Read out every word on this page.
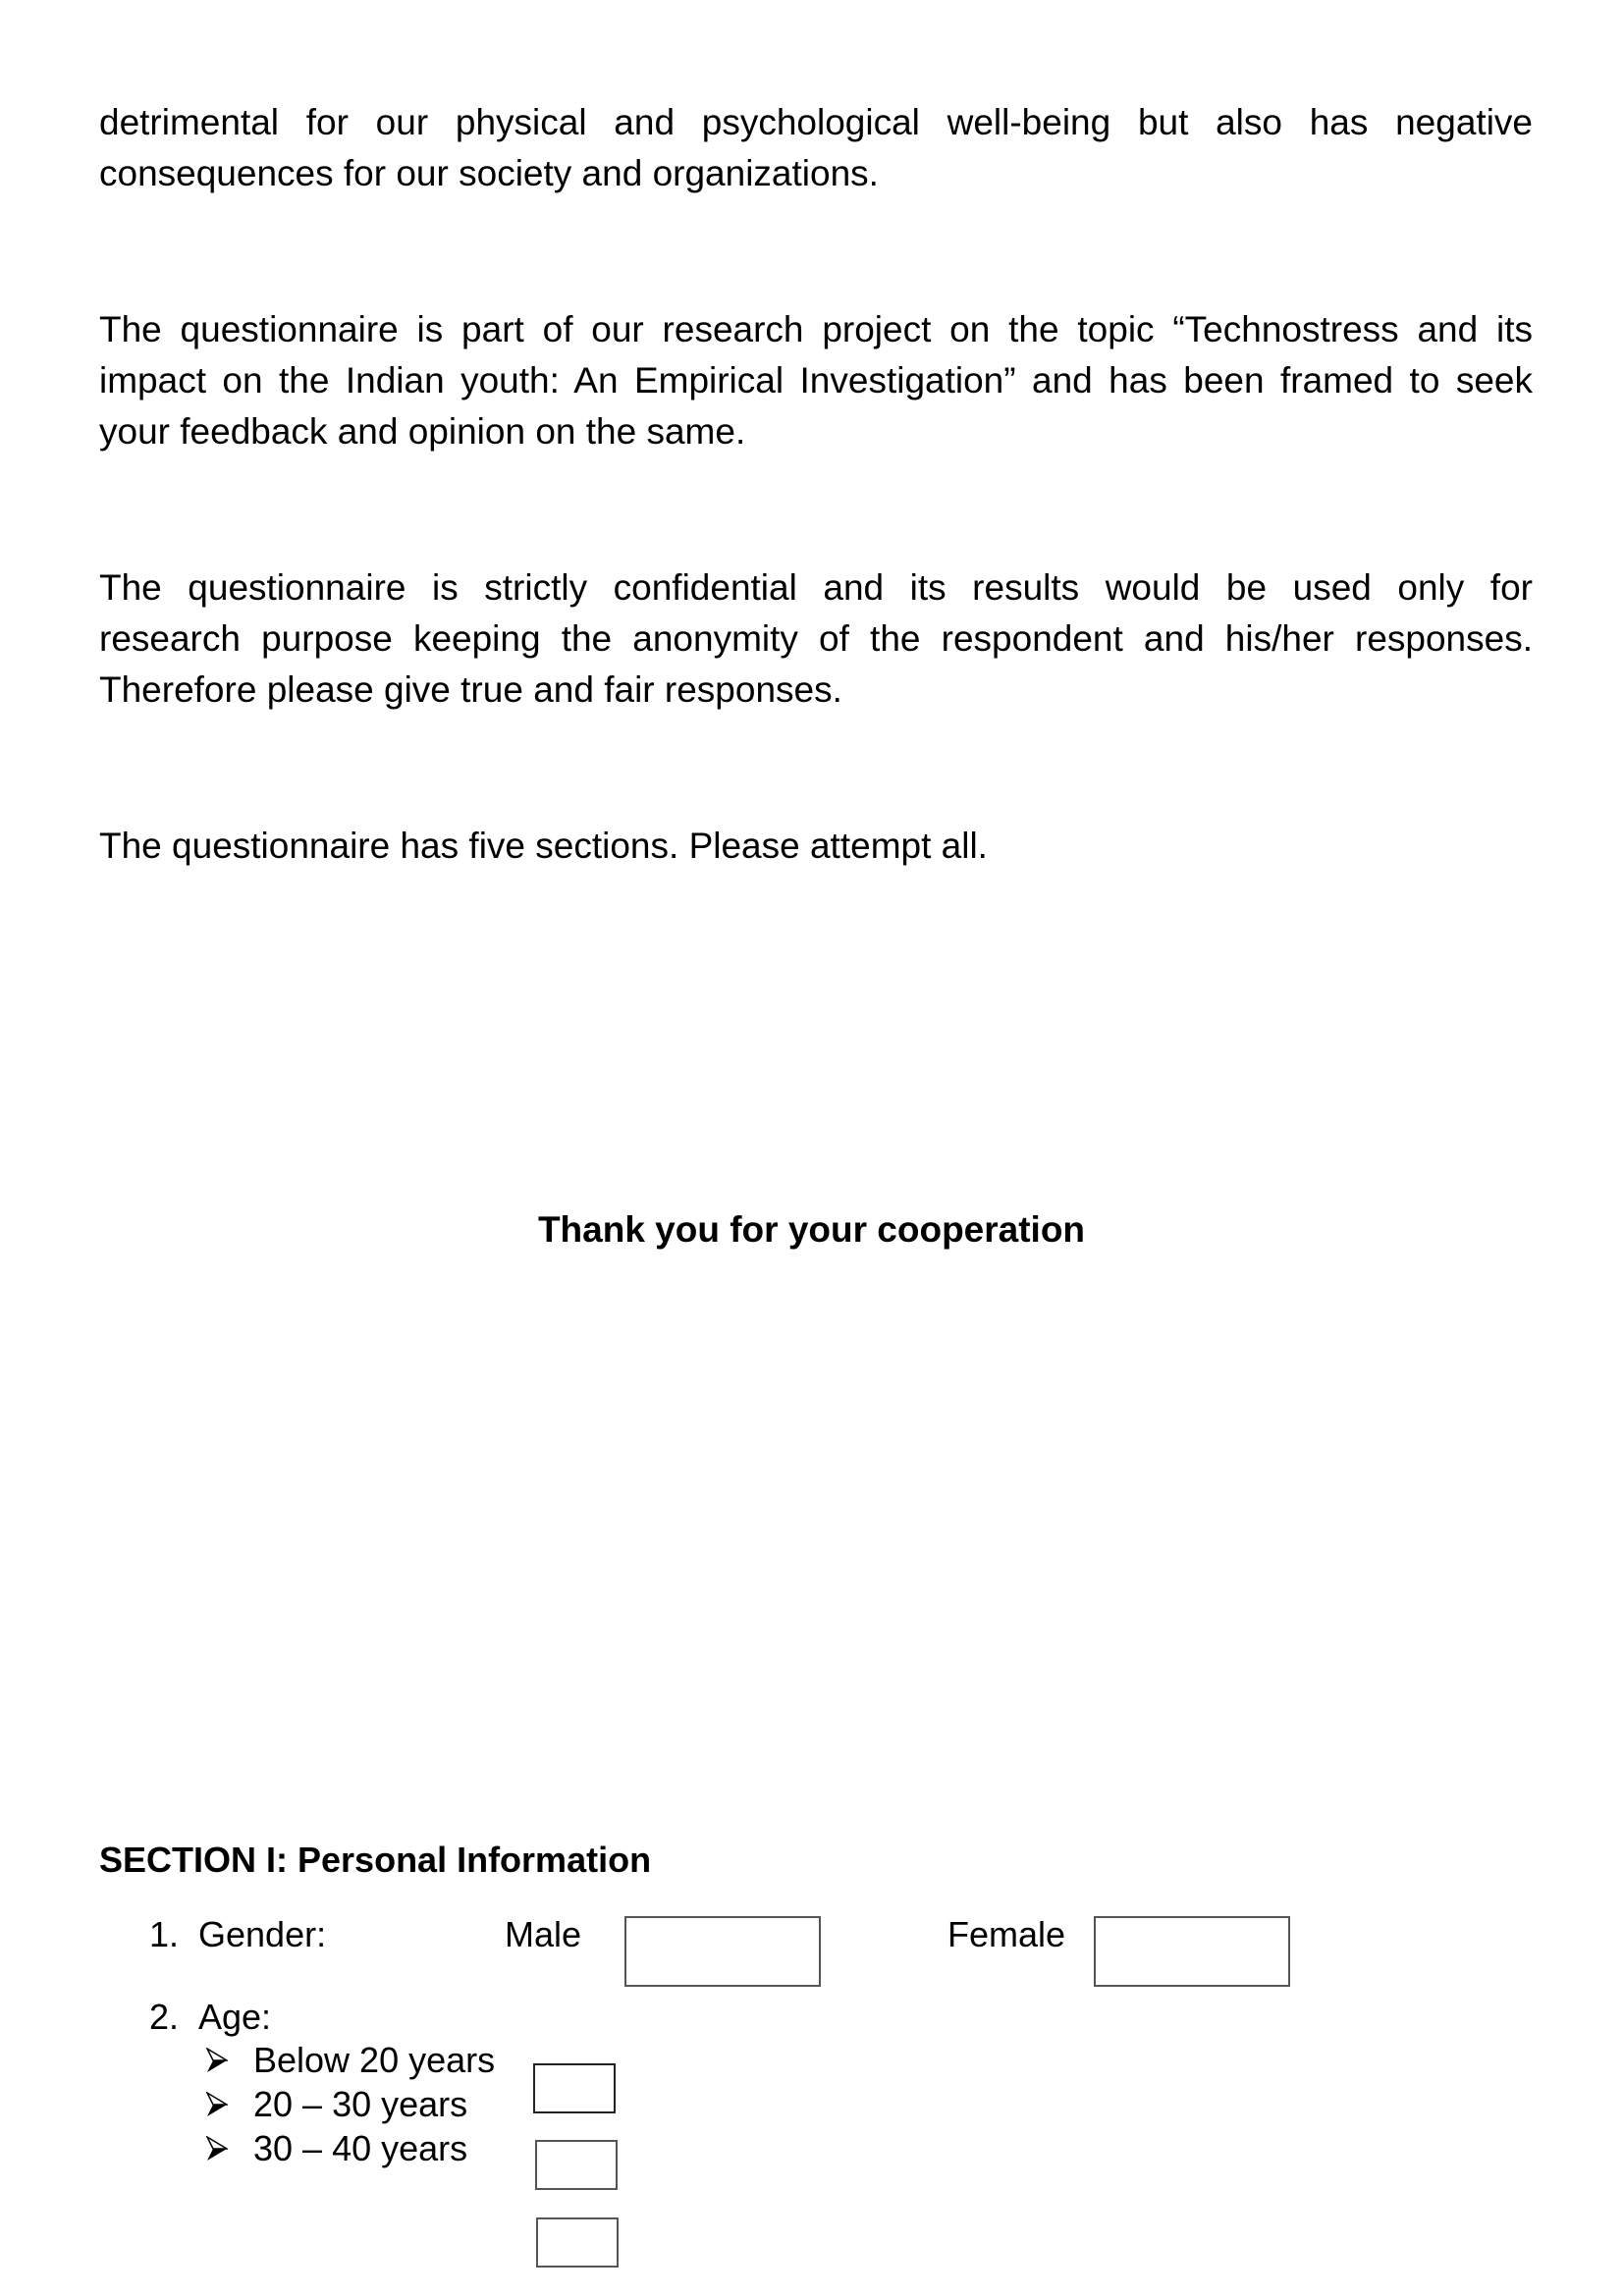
detrimental for our physical and psychological well-being but also has negative
consequences for our society and organizations.
The questionnaire is part of our research project on the topic “Technostress and its
impact on the Indian youth: An Empirical Investigation” and has been framed to seek
your feedback and opinion on the same.
The questionnaire is strictly confidential and its results would be used only for
research purpose keeping the anonymity of the respondent and his/her responses.
Therefore please give true and fair responses.
The questionnaire has five sections. Please attempt all.

Thank you for your cooperation

SECTION I: Personal Information

1. Gender:	Male	Female
2. Age:
Below 20 years
20 – 30 years
30 – 40 years
